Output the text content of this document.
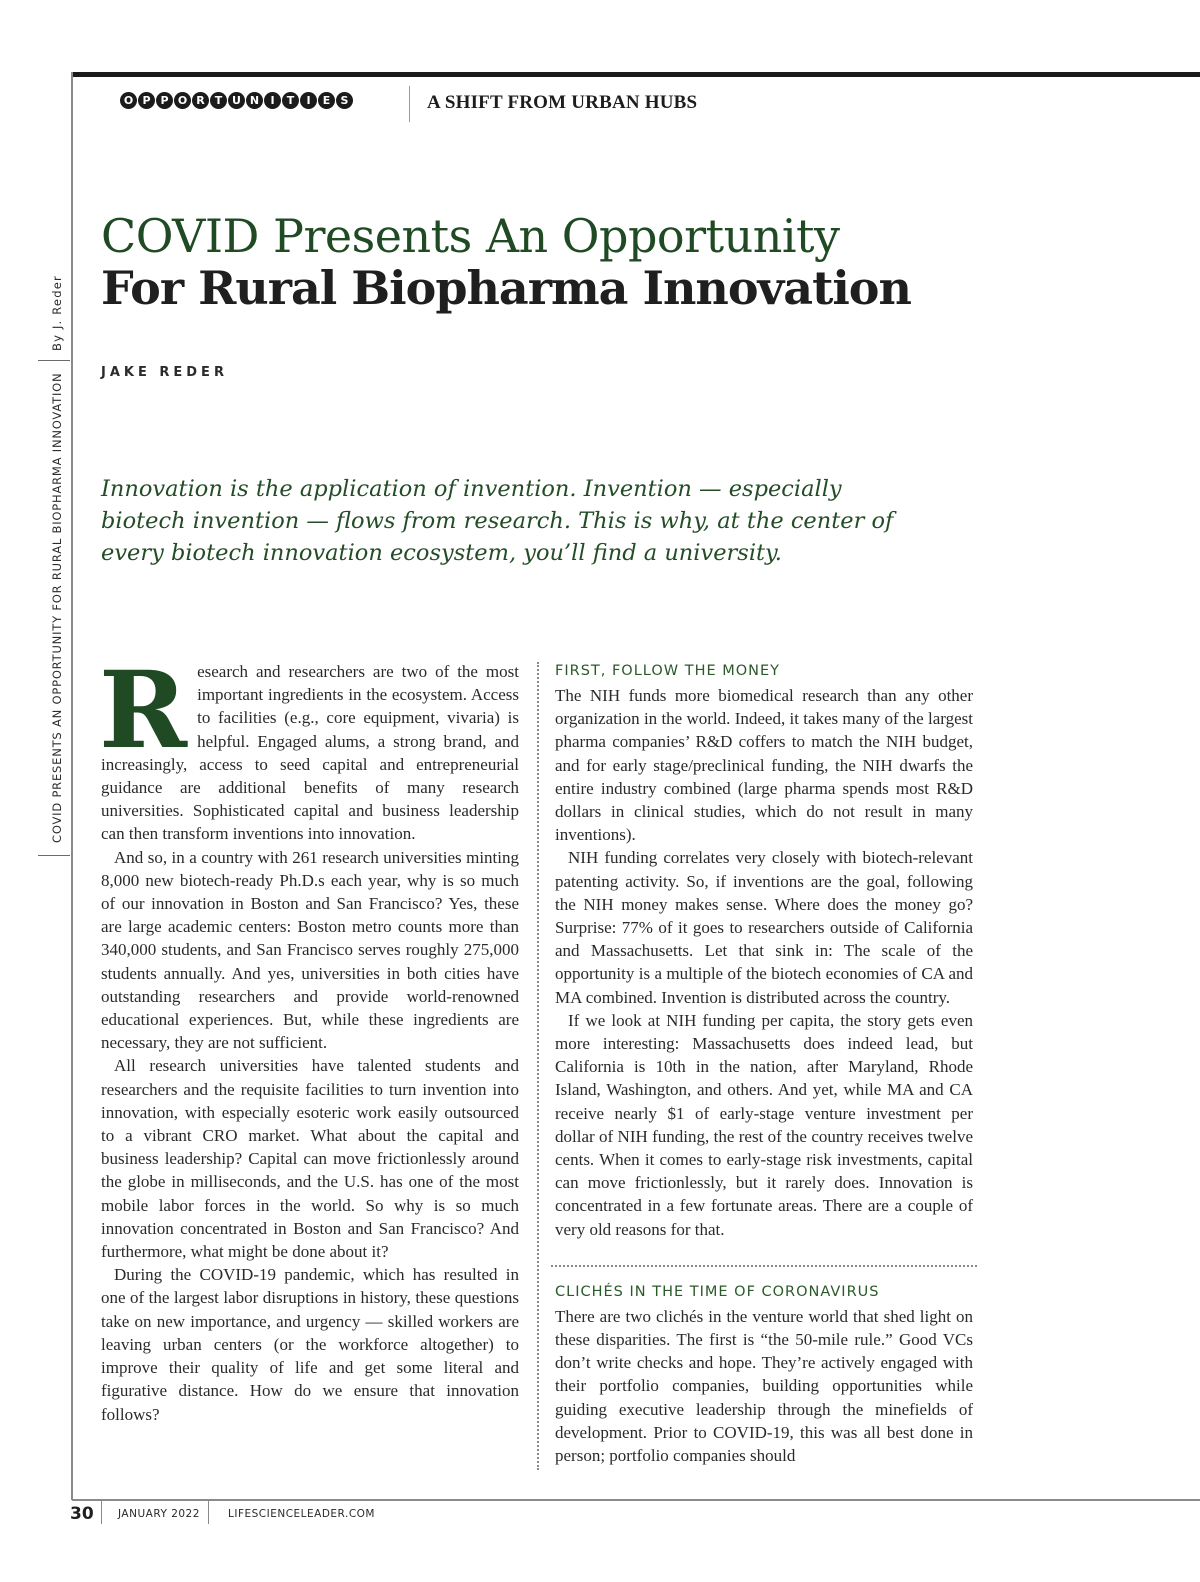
O P P O R T U N	I	T	I	E S	A SHIFT FROM URBAN HUBS
By J. Reder
COVID PRESENTS AN OPPORTUNITY FOR RURAL BIOPHARMA INNOVATION
COVID Presents An Opportunity
For Rural Biopharma Innovation
JAKE REDER
Innovation is the application of invention. Invention — especially biotech invention — flows from research. This is why, at the center of every biotech innovation ecosystem, you’ll find a university.

Research and researchers are two of the most important ingredients in the ecosystem. Access to facilities (e.g., core equipment, vivaria) is helpful. Engaged alums, a strong brand, and increasingly, access to seed capital and entrepreneurial guidance are additional benefits of many research universities. Sophisticated capital and business leadership can then transform inventions into innovation.

And so, in a country with 261 research universities minting 8,000 new biotech-ready Ph.D.s each year, why is so much of our innovation in Boston and San Francisco? Yes, these are large academic centers: Boston metro counts more than 340,000 students, and San Francisco serves roughly 275,000 students annually. And yes, universities in both cities have outstanding researchers and provide world-renowned educational experiences. But, while these ingredients are necessary, they are not sufficient.

All research universities have talented students and researchers and the requisite facilities to turn invention into innovation, with especially esoteric work easily outsourced to a vibrant CRO market. What about the capital and business leadership? Capital can move frictionlessly around the globe in milliseconds, and the U.S. has one of the most mobile labor forces in the world. So why is so much innovation concentrated in Boston and San Francisco? And furthermore, what might be done about it?

During the COVID-19 pandemic, which has resulted in one of the largest labor disruptions in history, these questions take on new importance, and urgency — skilled workers are leaving urban centers (or the workforce altogether) to improve their quality of life and get some literal and figurative distance. How do we ensure that innovation follows?

FIRST, FOLLOW THE MONEY

The NIH funds more biomedical research than any other organization in the world. Indeed, it takes many of the largest pharma companies’ R&D coffers to match the NIH budget, and for early stage/preclinical funding, the NIH dwarfs the entire industry combined (large pharma spends most R&D dollars in clinical studies, which do not result in many inventions).

NIH funding correlates very closely with biotech-relevant patenting activity. So, if inventions are the goal, following the NIH money makes sense. Where does the money go? Surprise: 77% of it goes to researchers outside of California and Massachusetts. Let that sink in: The scale of the opportunity is a multiple of the biotech economies of CA and MA combined. Invention is distributed across the country.

If we look at NIH funding per capita, the story gets even more interesting: Massachusetts does indeed lead, but California is 10th in the nation, after Maryland, Rhode Island, Washington, and others. And yet, while MA and CA receive nearly $1 of early-stage venture investment per dollar of NIH funding, the rest of the country receives twelve cents. When it comes to early-stage risk investments, capital can move frictionlessly, but it rarely does. Innovation is concentrated in a few fortunate areas. There are a couple of very old reasons for that.

CLICHÉS IN THE TIME OF CORONAVIRUS

There are two clichés in the venture world that shed light on these disparities. The first is “the 50-mile rule.” Good VCs don’t write checks and hope. They’re actively engaged with their portfolio companies, building opportunities while guiding executive leadership through the minefields of development. Prior to COVID-19, this was all best done in person; portfolio companies should

30 JANUARY 2022	LIFESCIENCELEADER.COM
